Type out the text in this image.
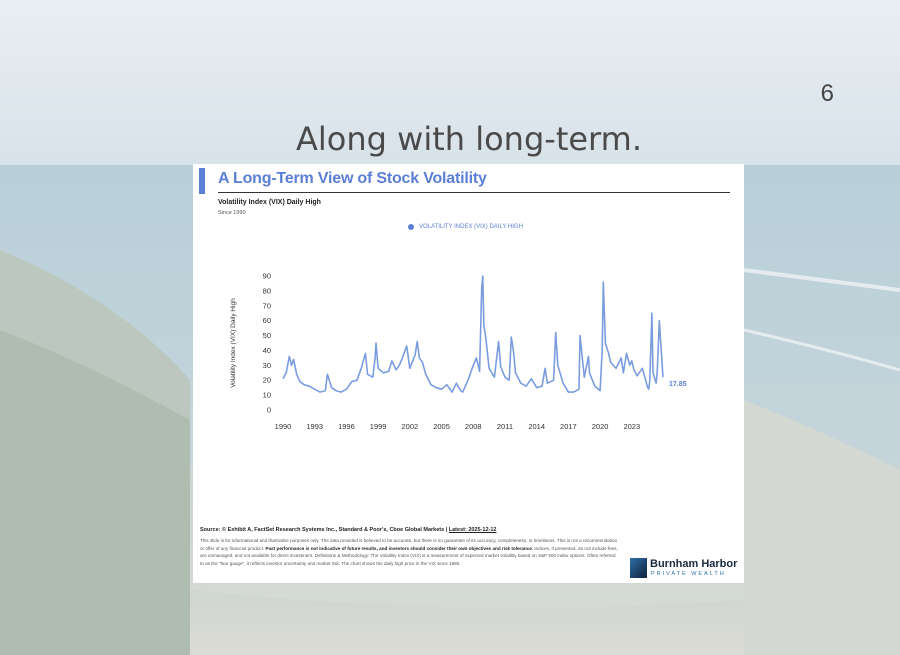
6
Along with long-term.
A Long-Term View of Stock Volatility
Volatility Index (VIX) Daily High
Since 1990
VOLATILITY INDEX (VIX) DAILY HIGH
0
10
20
30
40
50
60
70
80
90
1990 1993 1996 1999 2002 2005 2008 2011 2014 2017 2020 2023
Volatility Index (VIX) Daily High	17.85
Source: © Exhibit A, FactSet Research Systems Inc., Standard & Poor's, Cboe Global Markets | Latest: 2025-12-12
This slide is for informational and illustrative purposes only. The data provided is believed to be accurate, but there is no guarantee of its accuracy, completeness, or timeliness. This is not a recommendation or offer of any financial product. Past performance is not indicative of future results, and investors should consider their own objectives and risk tolerance. Indices, if presented, do not include fees, are unmanaged, and not available for direct investment. Definitions & Methodology: The Volatility Index (VIX) is a measurement of expected market volatility based on S&P 500 index options. Often referred to as the "fear gauge", it reflects investor uncertainty and market risk. The chart shows the daily high price in the VIX since 1990.	Burnham Harbor
PRIVATE WEALTH
